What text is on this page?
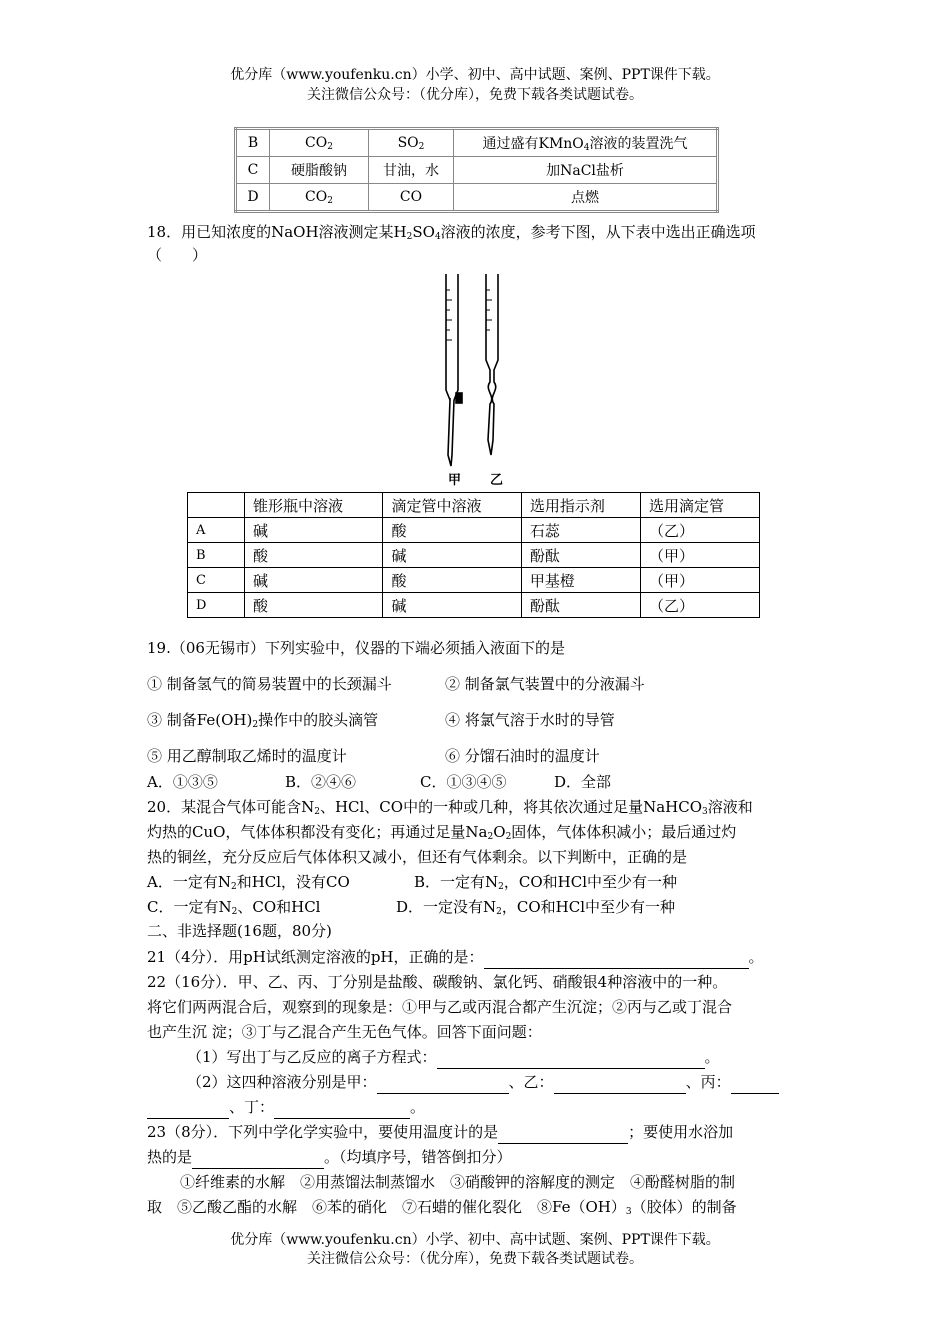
优分库（www.youfenku.cn）小学、初中、高中试题、案例、PPT课件下载。
关注微信公众号：（优分库），免费下载各类试题试卷。
B	$CO_2$	$SO_2$	通过盛有KMnO$_4$溶液的装置洗气
C	硬脂酸钠	甘油，水	加NaCl盐析
D	$CO_2$	CO	点燃
18．用已知浓度的NaOH溶液测定某$H_2SO_4$溶液的浓度，参考下图，从下表中选出正确选项
（　　）
甲 乙
	锥形瓶中溶液	滴定管中溶液	选用指示剂	选用滴定管
A	碱	酸	石蕊	（乙）
B	酸	碱	酚酞	（甲）
C	碱	酸	甲基橙	（甲）
D	酸	碱	酚酞	（乙）
19.（06无锡市）下列实验中，仪器的下端必须插入液面下的是
① 制备氢气的简易装置中的长颈漏斗	② 制备氯气装置中的分液漏斗
③ 制备$Fe(OH)_2$操作中的胶头滴管	④ 将氯气溶于水时的导管
⑤ 用乙醇制取乙烯时的温度计	⑥ 分馏石油时的温度计
A．①③⑤	B．②④⑥	C．①③④⑤	D．全部
20．某混合气体可能含$N_2$、HCl、CO中的一种或几种，将其依次通过足量NaHCO$_3$溶液和
灼热的CuO，气体体积都没有变化；再通过足量$Na_2O_2$固体，气体体积减小；最后通过灼
热的铜丝，充分反应后气体体积又减小，但还有气体剩余。以下判断中，正确的是
A．一定有$N_2$和HCl，没有CO	B．一定有$N_2$，CO和HCl中至少有一种
C．一定有$N_2$、CO和HCl	D．一定没有$N_2$，CO和HCl中至少有一种
二、非选择题(16题，80分)
21（4分）．用pH试纸测定溶液的pH，正确的是：	。
22（16分）．甲、乙、丙、丁分别是盐酸、碳酸钠、氯化钙、硝酸银4种溶液中的一种。
将它们两两混合后，观察到的现象是：①甲与乙或丙混合都产生沉淀；②丙与乙或丁混合
也产生沉 淀；③丁与乙混合产生无色气体。回答下面问题：
（1）写出丁与乙反应的离子方程式：	。
（2）这四种溶液分别是甲：	、乙：	、丙：
、丁：	。
23（8分）．下列中学化学实验中，要使用温度计的是	；要使用水浴加
热的是	。（均填序号，错答倒扣分）
①纤维素的水解　②用蒸馏法制蒸馏水　③硝酸钾的溶解度的测定　④酚醛树脂的制
取　⑤乙酸乙酯的水解　⑥苯的硝化　⑦石蜡的催化裂化　$⑧Fe(OH)_3$（胶体）的制备
优分库（www.youfenku.cn）小学、初中、高中试题、案例、PPT课件下载。
关注微信公众号：（优分库），免费下载各类试题试卷。
